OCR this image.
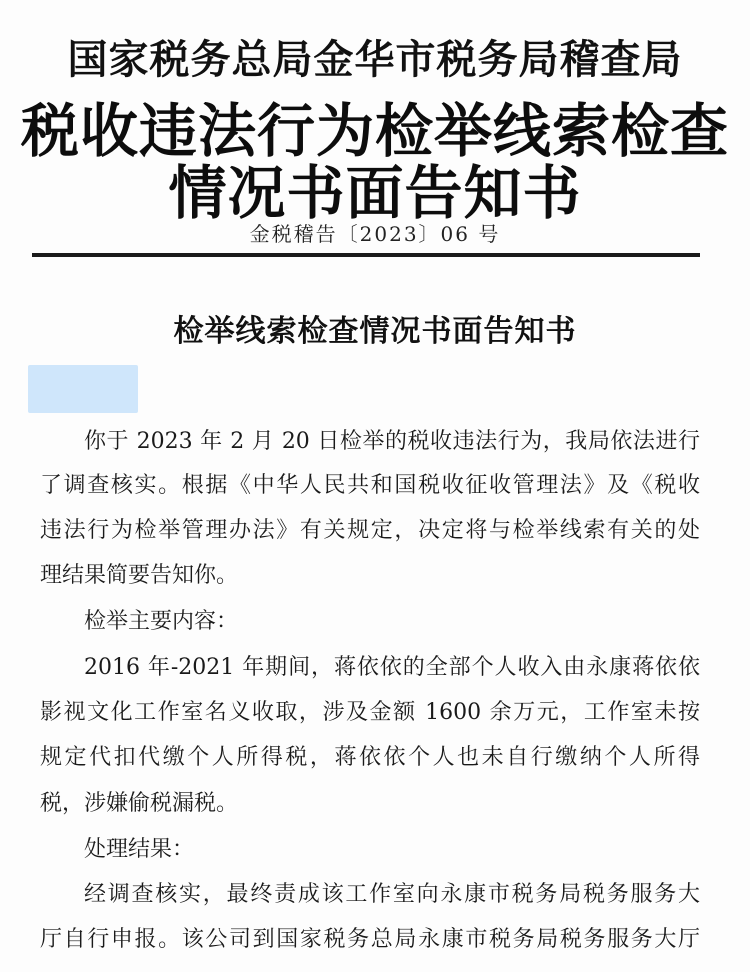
国家税务总局金华市税务局稽查局
税收违法行为检举线索检查
情况书面告知书
金税稽告〔2023〕06 号
检举线索检查情况书面告知书
你于 2023 年 2 月 20 日检举的税收违法行为，我局依法进行
了调查核实。根据《中华人民共和国税收征收管理法》及《税收
违法行为检举管理办法》有关规定，决定将与检举线索有关的处
理结果简要告知你。
检举主要内容：
2016 年-2021 年期间，蒋依依的全部个人收入由永康蒋依依
影视文化工作室名义收取，涉及金额 1600 余万元，工作室未按
规定代扣代缴个人所得税，蒋依依个人也未自行缴纳个人所得
税，涉嫌偷税漏税。
处理结果：
经调查核实，最终责成该工作室向永康市税务局税务服务大
厅自行申报。该公司到国家税务总局永康市税务局税务服务大厅
